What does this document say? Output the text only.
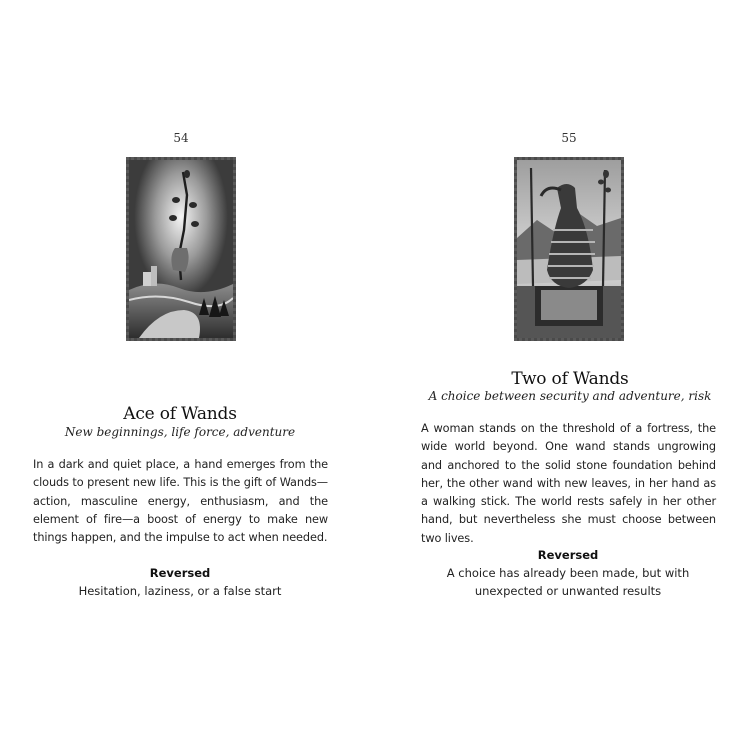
54
Ace of Wands
New beginnings, life force, adventure
In a dark and quiet place, a hand emerges from the clouds to present new life. This is the gift of Wands—action, masculine energy, enthusiasm, and the element of fire—a boost of energy to make new things happen, and the impulse to act when needed.
Reversed
Hesitation, laziness, or a false start
55
Two of Wands
A choice between security and adventure, risk
A woman stands on the threshold of a fortress, the wide world beyond. One wand stands ungrowing and anchored to the solid stone foundation behind her, the other wand with new leaves, in her hand as a walking stick. The world rests safely in her other hand, but nevertheless she must choose between two lives.
Reversed
A choice has already been made, but with unexpected or unwanted results
